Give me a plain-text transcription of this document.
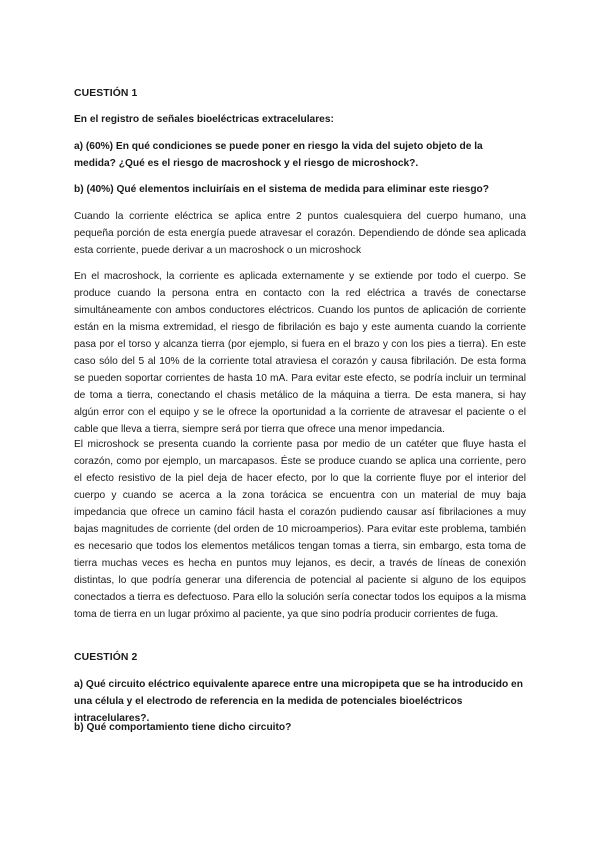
CUESTIÓN 1

En el registro de señales bioeléctricas extracelulares:

a) (60%) En qué condiciones se puede poner en riesgo la vida del sujeto objeto de la medida? ¿Qué es el riesgo de macroshock y el riesgo de microshock?.

b) (40%) Qué elementos incluiríais en el sistema de medida para eliminar este riesgo?

Cuando la corriente eléctrica se aplica entre 2 puntos cualesquiera del cuerpo humano, una pequeña porción de esta energía puede atravesar el corazón. Dependiendo de dónde sea aplicada esta corriente, puede derivar a un macroshock o un microshock

En el macroshock, la corriente es aplicada externamente y se extiende por todo el cuerpo. Se produce cuando la persona entra en contacto con la red eléctrica a través de conectarse simultáneamente con ambos conductores eléctricos. Cuando los puntos de aplicación de corriente están en la misma extremidad, el riesgo de fibrilación es bajo y este aumenta cuando la corriente pasa por el torso y alcanza tierra (por ejemplo, si fuera en el brazo y con los pies a tierra). En este caso sólo del 5 al 10% de la corriente total atraviesa el corazón y causa fibrilación. De esta forma se pueden soportar corrientes de hasta 10 mA. Para evitar este efecto, se podría incluir un terminal de toma a tierra, conectando el chasis metálico de la máquina a tierra. De esta manera, si hay algún error con el equipo y se le ofrece la oportunidad a la corriente de atravesar el paciente o el cable que lleva a tierra, siempre será por tierra que ofrece una menor impedancia.

El microshock se presenta cuando la corriente pasa por medio de un catéter que fluye hasta el corazón, como por ejemplo, un marcapasos. Éste se produce cuando se aplica una corriente, pero el efecto resistivo de la piel deja de hacer efecto, por lo que la corriente fluye por el interior del cuerpo y cuando se acerca a la zona torácica se encuentra con un material de muy baja impedancia que ofrece un camino fácil hasta el corazón pudiendo causar así fibrilaciones a muy bajas magnitudes de corriente (del orden de 10 microamperios). Para evitar este problema, también es necesario que todos los elementos metálicos tengan tomas a tierra, sin embargo, esta toma de tierra muchas veces es hecha en puntos muy lejanos, es decir, a través de líneas de conexión distintas, lo que podría generar una diferencia de potencial al paciente si alguno de los equipos conectados a tierra es defectuoso. Para ello la solución sería conectar todos los equipos a la misma toma de tierra en un lugar próximo al paciente, ya que sino podría producir corrientes de fuga.

CUESTIÓN 2

a) Qué circuito eléctrico equivalente aparece entre una micropipeta que se ha introducido en una célula y el electrodo de referencia en la medida de potenciales bioeléctricos intracelulares?.

b) Qué comportamiento tiene dicho circuito?
